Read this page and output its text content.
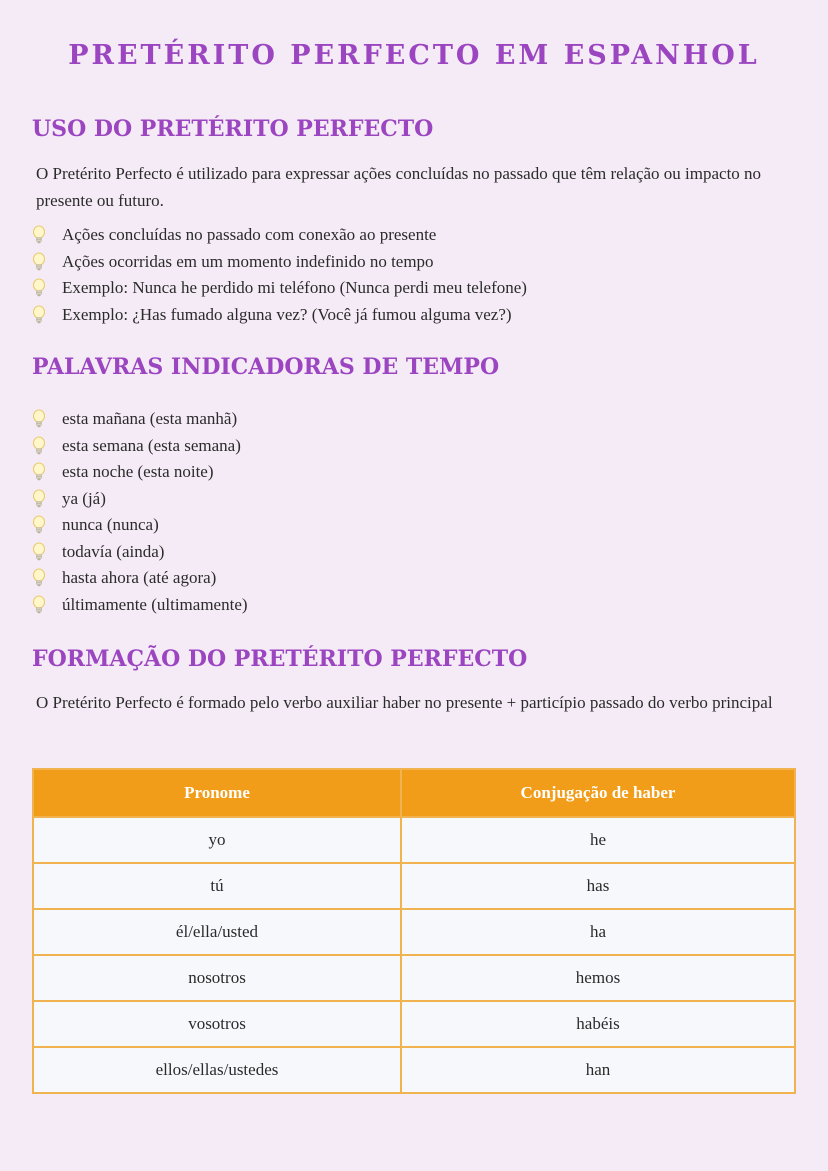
PRETÉRITO PERFECTO EM ESPANHOL
USO DO PRETÉRITO PERFECTO
O Pretérito Perfecto é utilizado para expressar ações concluídas no passado que têm relação ou impacto no presente ou futuro.
Ações concluídas no passado com conexão ao presente
Ações ocorridas em um momento indefinido no tempo
Exemplo: Nunca he perdido mi teléfono (Nunca perdi meu telefone)
Exemplo: ¿Has fumado alguna vez? (Você já fumou alguma vez?)
PALAVRAS INDICADORAS DE TEMPO
esta mañana (esta manhã)
esta semana (esta semana)
esta noche (esta noite)
ya (já)
nunca (nunca)
todavía (ainda)
hasta ahora (até agora)
últimamente (ultimamente)
FORMAÇÃO DO PRETÉRITO PERFECTO
O Pretérito Perfecto é formado pelo verbo auxiliar haber no presente + particípio passado do verbo principal
Pronome	Conjugação de haber
yo	he
tú	has
él/ella/usted	ha
nosotros	hemos
vosotros	habéis
ellos/ellas/ustedes	han
